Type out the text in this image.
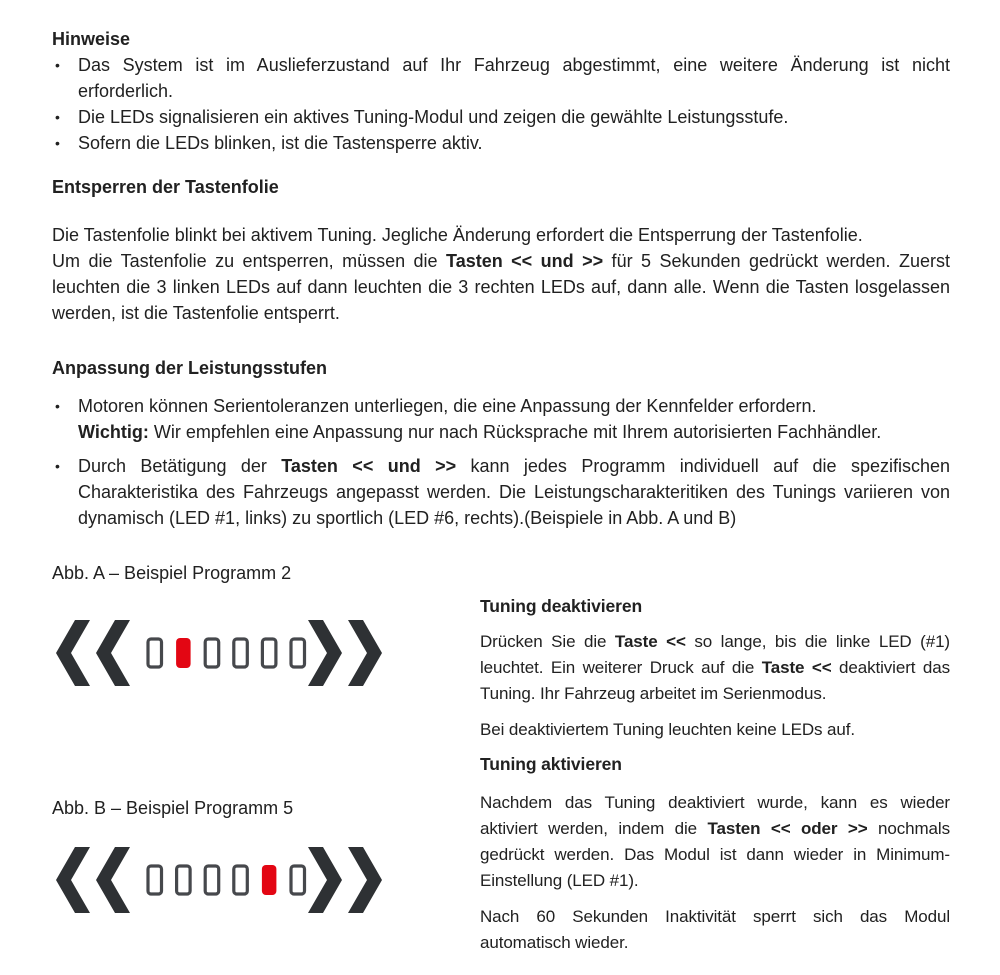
Hinweise
•	Das System ist im Auslieferzustand auf Ihr Fahrzeug abgestimmt, eine weitere Änderung ist nicht erforderlich.

•	Die LEDs signalisieren ein aktives Tuning-Modul und zeigen die gewählte Leistungsstufe.

•	Sofern die LEDs blinken, ist die Tastensperre aktiv.

Entsperren der Tastenfolie

Die Tastenfolie blinkt bei aktivem Tuning. Jegliche Änderung erfordert die Entsperrung der Tastenfolie.

Um die Tastenfolie zu entsperren, müssen die Tasten << und >> für 5 Sekunden gedrückt werden. Zuerst leuchten die 3 linken LEDs auf dann leuchten die 3 rechten LEDs auf, dann alle. Wenn die Tasten losgelassen werden, ist die Tastenfolie entsperrt.

Anpassung der Leistungsstufen
•	Motoren können Serientoleranzen unterliegen, die eine Anpassung der Kennfelder erfordern.
Wichtig: Wir empfehlen eine Anpassung nur nach Rücksprache mit Ihrem autorisierten Fachhändler.

•	Durch Betätigung der Tasten << und >> kann jedes Programm individuell auf die spezifischen Charakteristika des Fahrzeugs angepasst werden. Die Leistungscharakteritiken des Tunings variieren von dynamisch (LED #1, links) zu sportlich (LED #6, rechts).(Beispiele in Abb. A und B)

Abb. A – Beispiel Programm 2
Abb. B – Beispiel Programm 5
Tuning deaktivieren

Drücken Sie die Taste << so lange, bis die linke LED (#1) leuchtet. Ein weiterer Druck auf die Taste << deaktiviert das Tuning. Ihr Fahrzeug arbeitet im Serienmodus.

Bei deaktiviertem Tuning leuchten keine LEDs auf.

Tuning aktivieren

Nachdem das Tuning deaktiviert wurde, kann es wieder aktiviert werden, indem die Tasten << oder >> nochmals gedrückt werden. Das Modul ist dann wieder in Minimum-Einstellung (LED #1).

Nach 60 Sekunden Inaktivität sperrt sich das Modul automatisch wieder.
